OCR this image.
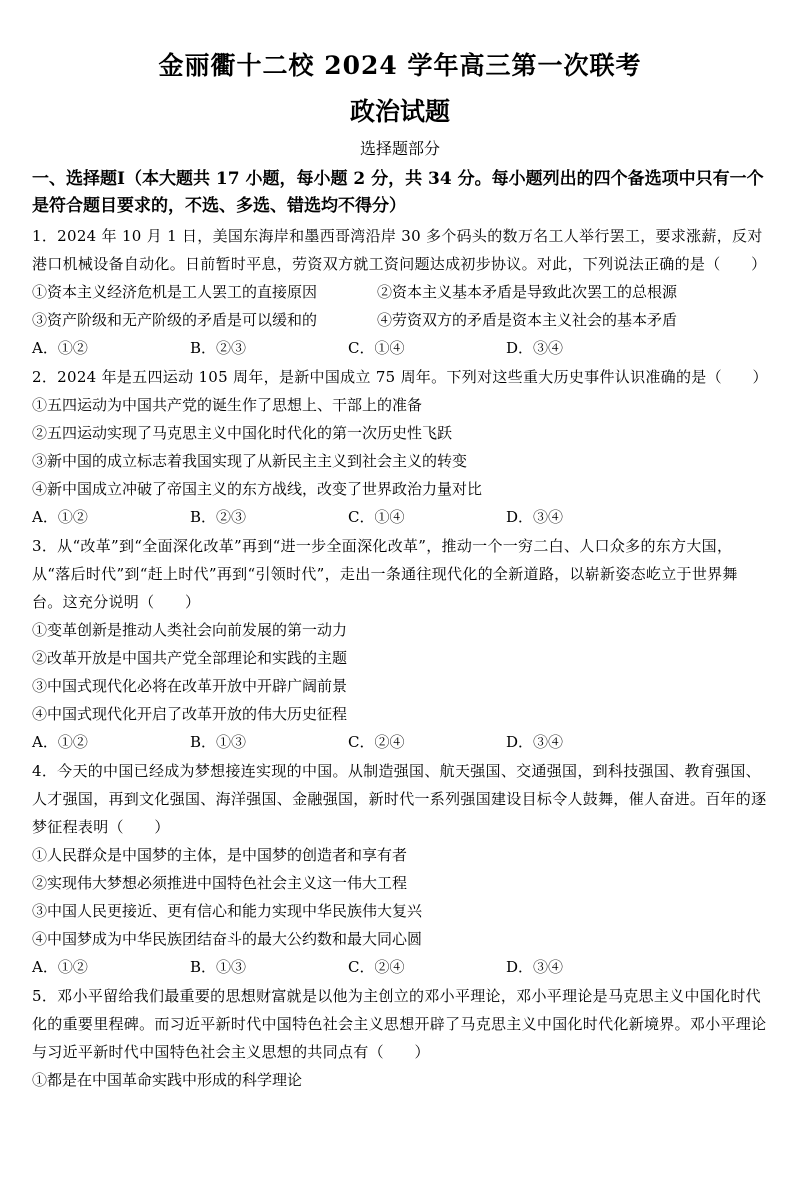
金丽衢十二校 2024 学年高三第一次联考
政治试题
选择题部分
一、选择题Ⅰ（本大题共 17 小题，每小题 2 分，共 34 分。每小题列出的四个备选项中只有一个是符合题目要求的，不选、多选、错选均不得分）

1．2024 年 10 月 1 日，美国东海岸和墨西哥湾沿岸 30 多个码头的数万名工人举行罢工，要求涨薪，反对港口机械设备自动化。日前暂时平息，劳资双方就工资问题达成初步协议。对此，下列说法正确的是（　　）

①资本主义经济危机是工人罢工的直接原因	②资本主义基本矛盾是导致此次罢工的总根源
③资产阶级和无产阶级的矛盾是可以缓和的	④劳资双方的矛盾是资本主义社会的基本矛盾
A．①②	B．②③	C．①④	D．③④

2．2024 年是五四运动 105 周年，是新中国成立 75 周年。下列对这些重大历史事件认识准确的是（　　）

①五四运动为中国共产党的诞生作了思想上、干部上的准备

②五四运动实现了马克思主义中国化时代化的第一次历史性飞跃

③新中国的成立标志着我国实现了从新民主主义到社会主义的转变

④新中国成立冲破了帝国主义的东方战线，改变了世界政治力量对比

A．①②	B．②③	C．①④	D．③④

3．从“改革”到“全面深化改革”再到“进一步全面深化改革”，推动一个一穷二白、人口众多的东方大国，从“落后时代”到“赶上时代”再到“引领时代”，走出一条通往现代化的全新道路，以崭新姿态屹立于世界舞台。这充分说明（　　）

①变革创新是推动人类社会向前发展的第一动力

②改革开放是中国共产党全部理论和实践的主题

③中国式现代化必将在改革开放中开辟广阔前景

④中国式现代化开启了改革开放的伟大历史征程

A．①②	B．①③	C．②④	D．③④

4．今天的中国已经成为梦想接连实现的中国。从制造强国、航天强国、交通强国，到科技强国、教育强国、人才强国，再到文化强国、海洋强国、金融强国，新时代一系列强国建设目标令人鼓舞，催人奋进。百年的逐梦征程表明（　　）

①人民群众是中国梦的主体，是中国梦的创造者和享有者

②实现伟大梦想必须推进中国特色社会主义这一伟大工程

③中国人民更接近、更有信心和能力实现中华民族伟大复兴

④中国梦成为中华民族团结奋斗的最大公约数和最大同心圆

A．①②	B．①③	C．②④	D．③④

5．邓小平留给我们最重要的思想财富就是以他为主创立的邓小平理论，邓小平理论是马克思主义中国化时代化的重要里程碑。而习近平新时代中国特色社会主义思想开辟了马克思主义中国化时代化新境界。邓小平理论与习近平新时代中国特色社会主义思想的共同点有（　　）

①都是在中国革命实践中形成的科学理论
